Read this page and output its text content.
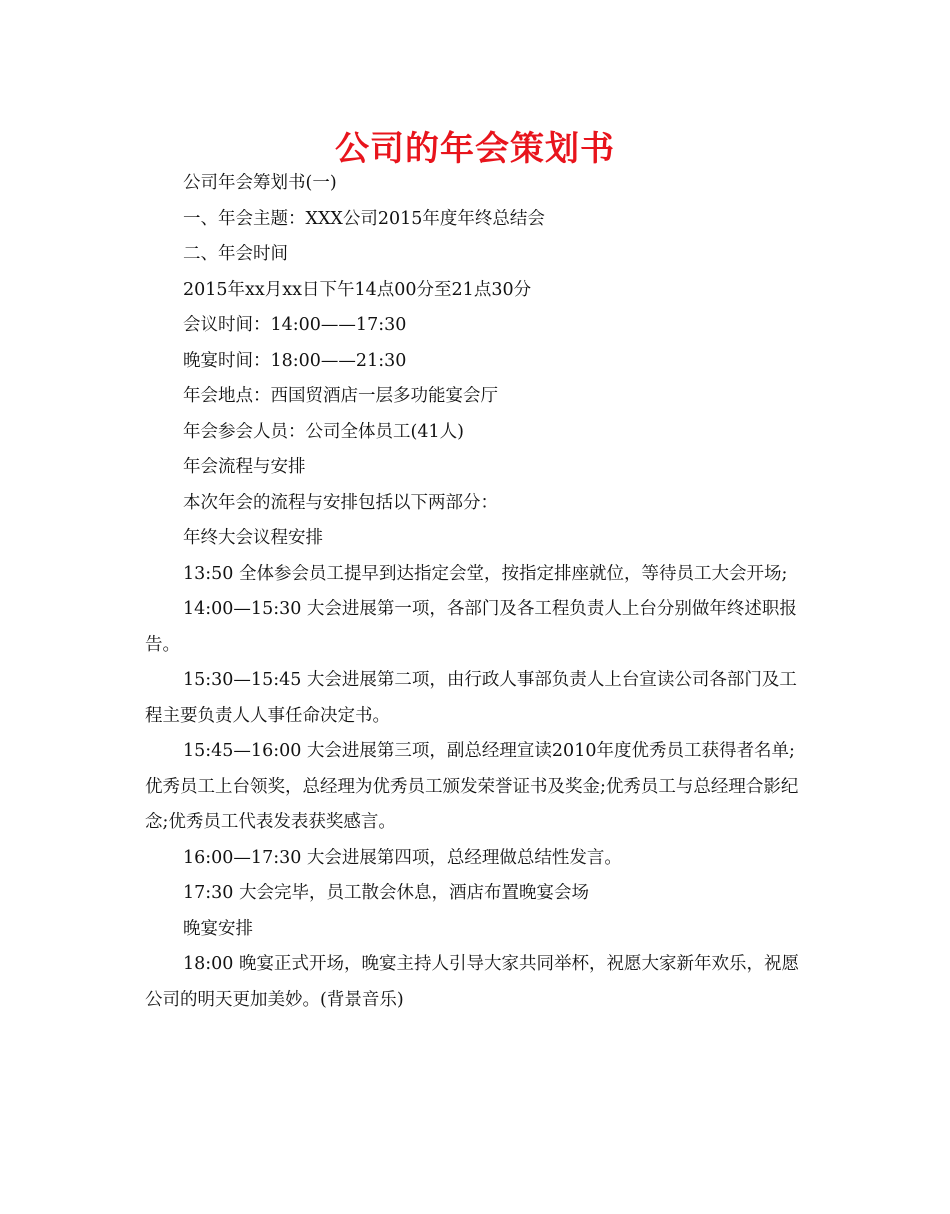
公司的年会策划书

公司年会筹划书(一)

一、年会主题：XXX公司2015年度年终总结会

二、年会时间

2015年xx月xx日下午14点00分至21点30分

会议时间：14:00——17:30

晚宴时间：18:00——21:30

年会地点：西国贸酒店一层多功能宴会厅

年会参会人员：公司全体员工(41人)

年会流程与安排

本次年会的流程与安排包括以下两部分：

年终大会议程安排

13:50 全体参会员工提早到达指定会堂，按指定排座就位，等待员工大会开场;

14:00—15:30 大会进展第一项，各部门及各工程负责人上台分别做年终述职报告。

15:30—15:45 大会进展第二项，由行政人事部负责人上台宣读公司各部门及工程主要负责人人事任命决定书。

15:45—16:00 大会进展第三项，副总经理宣读2010年度优秀员工获得者名单;优秀员工上台领奖，总经理为优秀员工颁发荣誉证书及奖金;优秀员工与总经理合影纪念;优秀员工代表发表获奖感言。

16:00—17:30 大会进展第四项，总经理做总结性发言。

17:30 大会完毕，员工散会休息，酒店布置晚宴会场

晚宴安排

18:00 晚宴正式开场，晚宴主持人引导大家共同举杯，祝愿大家新年欢乐，祝愿公司的明天更加美妙。(背景音乐)
